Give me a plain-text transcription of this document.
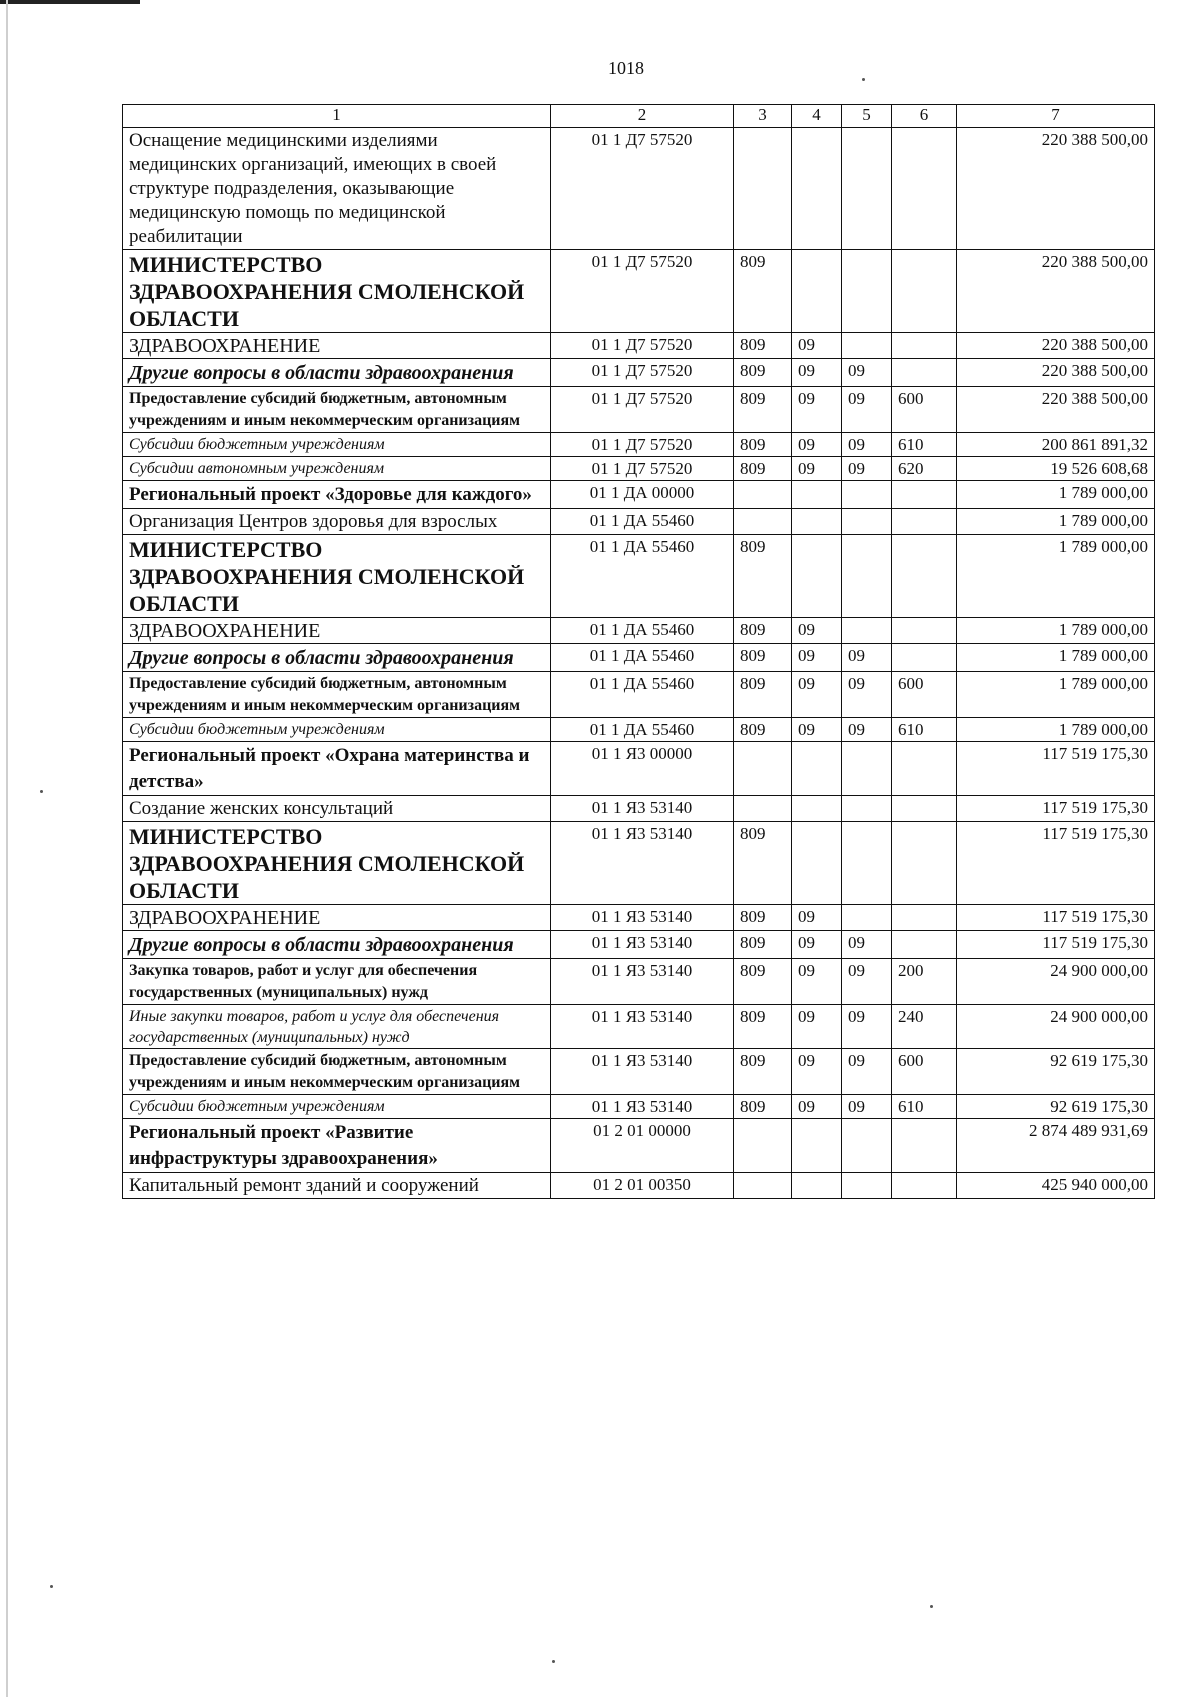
1018
1	2	3	4	5	6	7
Оснащение медицинскими изделиями медицинских организаций, имеющих в своей структуре подразделения, оказывающие медицинскую помощь по медицинской реабилитации	01 1 Д7 57520					220 388 500,00
МИНИСТЕРСТВО ЗДРАВООХРАНЕНИЯ СМОЛЕНСКОЙ ОБЛАСТИ	01 1 Д7 57520	809				220 388 500,00
ЗДРАВООХРАНЕНИЕ	01 1 Д7 57520	809	09			220 388 500,00
Другие вопросы в области здравоохранения	01 1 Д7 57520	809	09	09		220 388 500,00
Предоставление субсидий бюджетным, автономным учреждениям и иным некоммерческим организациям	01 1 Д7 57520	809	09	09	600	220 388 500,00
Субсидии бюджетным учреждениям	01 1 Д7 57520	809	09	09	610	200 861 891,32
Субсидии автономным учреждениям	01 1 Д7 57520	809	09	09	620	19 526 608,68
Региональный проект «Здоровье для каждого»	01 1 ДА 00000					1 789 000,00
Организация Центров здоровья для взрослых	01 1 ДА 55460					1 789 000,00
МИНИСТЕРСТВО ЗДРАВООХРАНЕНИЯ СМОЛЕНСКОЙ ОБЛАСТИ	01 1 ДА 55460	809				1 789 000,00
ЗДРАВООХРАНЕНИЕ	01 1 ДА 55460	809	09			1 789 000,00
Другие вопросы в области здравоохранения	01 1 ДА 55460	809	09	09		1 789 000,00
Предоставление субсидий бюджетным, автономным учреждениям и иным некоммерческим организациям	01 1 ДА 55460	809	09	09	600	1 789 000,00
Субсидии бюджетным учреждениям	01 1 ДА 55460	809	09	09	610	1 789 000,00
Региональный проект «Охрана материнства и детства»	01 1 Я3 00000					117 519 175,30
Создание женских консультаций	01 1 Я3 53140					117 519 175,30
МИНИСТЕРСТВО ЗДРАВООХРАНЕНИЯ СМОЛЕНСКОЙ ОБЛАСТИ	01 1 Я3 53140	809				117 519 175,30
ЗДРАВООХРАНЕНИЕ	01 1 Я3 53140	809	09			117 519 175,30
Другие вопросы в области здравоохранения	01 1 Я3 53140	809	09	09		117 519 175,30
Закупка товаров, работ и услуг для обеспечения государственных (муниципальных) нужд	01 1 Я3 53140	809	09	09	200	24 900 000,00
Иные закупки товаров, работ и услуг для обеспечения государственных (муниципальных) нужд	01 1 Я3 53140	809	09	09	240	24 900 000,00
Предоставление субсидий бюджетным, автономным учреждениям и иным некоммерческим организациям	01 1 Я3 53140	809	09	09	600	92 619 175,30
Субсидии бюджетным учреждениям	01 1 Я3 53140	809	09	09	610	92 619 175,30
Региональный проект «Развитие инфраструктуры здравоохранения»	01 2 01 00000					2 874 489 931,69
Капитальный ремонт зданий и сооружений	01 2 01 00350					425 940 000,00
